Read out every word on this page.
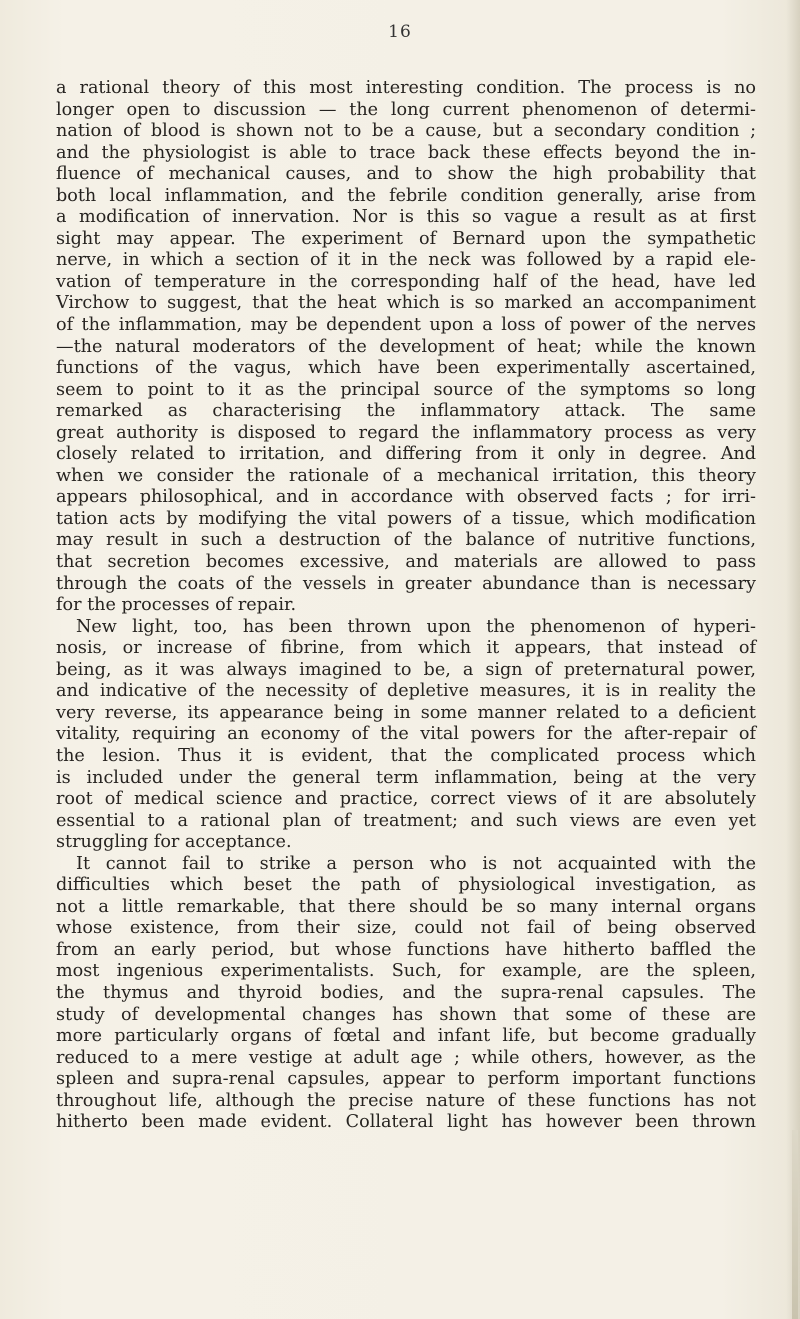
16
a rational theory of this most interesting condition. The process is no
longer open to discussion — the long current phenomenon of determi-
nation of blood is shown not to be a cause, but a secondary condition ;
and the physiologist is able to trace back these effects beyond the in-
fluence of mechanical causes, and to show the high probability that
both local inflammation, and the febrile condition generally, arise from
a modification of innervation. Nor is this so vague a result as at first
sight may appear. The experiment of Bernard upon the sympathetic
nerve, in which a section of it in the neck was followed by a rapid ele-
vation of temperature in the corresponding half of the head, have led
Virchow to suggest, that the heat which is so marked an accompaniment
of the inflammation, may be dependent upon a loss of power of the nerves
—the natural moderators of the development of heat; while the known
functions of the vagus, which have been experimentally ascertained,
seem to point to it as the principal source of the symptoms so long
remarked as characterising the inflammatory attack. The same
great authority is disposed to regard the inflammatory process as very
closely related to irritation, and differing from it only in degree. And
when we consider the rationale of a mechanical irritation, this theory
appears philosophical, and in accordance with observed facts ; for irri-
tation acts by modifying the vital powers of a tissue, which modification
may result in such a destruction of the balance of nutritive functions,
that secretion becomes excessive, and materials are allowed to pass
through the coats of the vessels in greater abundance than is necessary
for the processes of repair.
New light, too, has been thrown upon the phenomenon of hyperi-
nosis, or increase of fibrine, from which it appears, that instead of
being, as it was always imagined to be, a sign of preternatural power,
and indicative of the necessity of depletive measures, it is in reality the
very reverse, its appearance being in some manner related to a deficient
vitality, requiring an economy of the vital powers for the after-repair of
the lesion. Thus it is evident, that the complicated process which
is included under the general term inflammation, being at the very
root of medical science and practice, correct views of it are absolutely
essential to a rational plan of treatment; and such views are even yet
struggling for acceptance.
It cannot fail to strike a person who is not acquainted with the
difficulties which beset the path of physiological investigation, as
not a little remarkable, that there should be so many internal organs
whose existence, from their size, could not fail of being observed
from an early period, but whose functions have hitherto baffled the
most ingenious experimentalists. Such, for example, are the spleen,
the thymus and thyroid bodies, and the supra-renal capsules. The
study of developmental changes has shown that some of these are
more particularly organs of fœtal and infant life, but become gradually
reduced to a mere vestige at adult age ; while others, however, as the
spleen and supra-renal capsules, appear to perform important functions
throughout life, although the precise nature of these functions has not
hitherto been made evident. Collateral light has however been thrown
